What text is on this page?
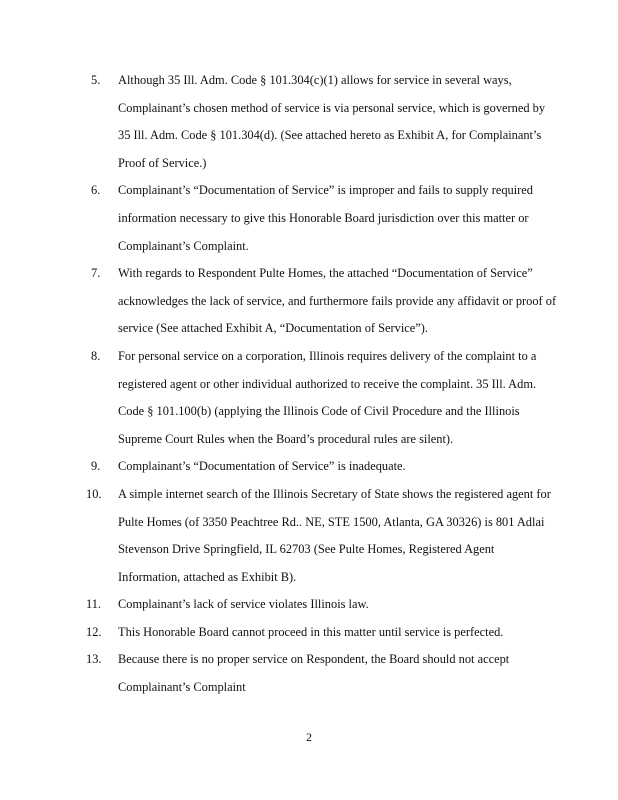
5. Although 35 Ill. Adm. Code § 101.304(c)(1) allows for service in several ways,
Complainant’s chosen method of service is via personal service, which is governed by
35 Ill. Adm. Code § 101.304(d). (See attached hereto as Exhibit A, for Complainant’s
Proof of Service.)
6. Complainant’s “Documentation of Service” is improper and fails to supply required
information necessary to give this Honorable Board jurisdiction over this matter or
Complainant’s Complaint.
7. With regards to Respondent Pulte Homes, the attached “Documentation of Service”
acknowledges the lack of service, and furthermore fails provide any affidavit or proof of
service (See attached Exhibit A, “Documentation of Service”).
8. For personal service on a corporation, Illinois requires delivery of the complaint to a
registered agent or other individual authorized to receive the complaint. 35 Ill. Adm.
Code § 101.100(b) (applying the Illinois Code of Civil Procedure and the Illinois
Supreme Court Rules when the Board’s procedural rules are silent).
9. Complainant’s “Documentation of Service” is inadequate.
10. A simple internet search of the Illinois Secretary of State shows the registered agent for
Pulte Homes (of 3350 Peachtree Rd.. NE, STE 1500, Atlanta, GA 30326) is 801 Adlai
Stevenson Drive Springfield, IL 62703 (See Pulte Homes, Registered Agent
Information, attached as Exhibit B).
11. Complainant’s lack of service violates Illinois law.
12. This Honorable Board cannot proceed in this matter until service is perfected.
13. Because there is no proper service on Respondent, the Board should not accept
Complainant’s Complaint
2
